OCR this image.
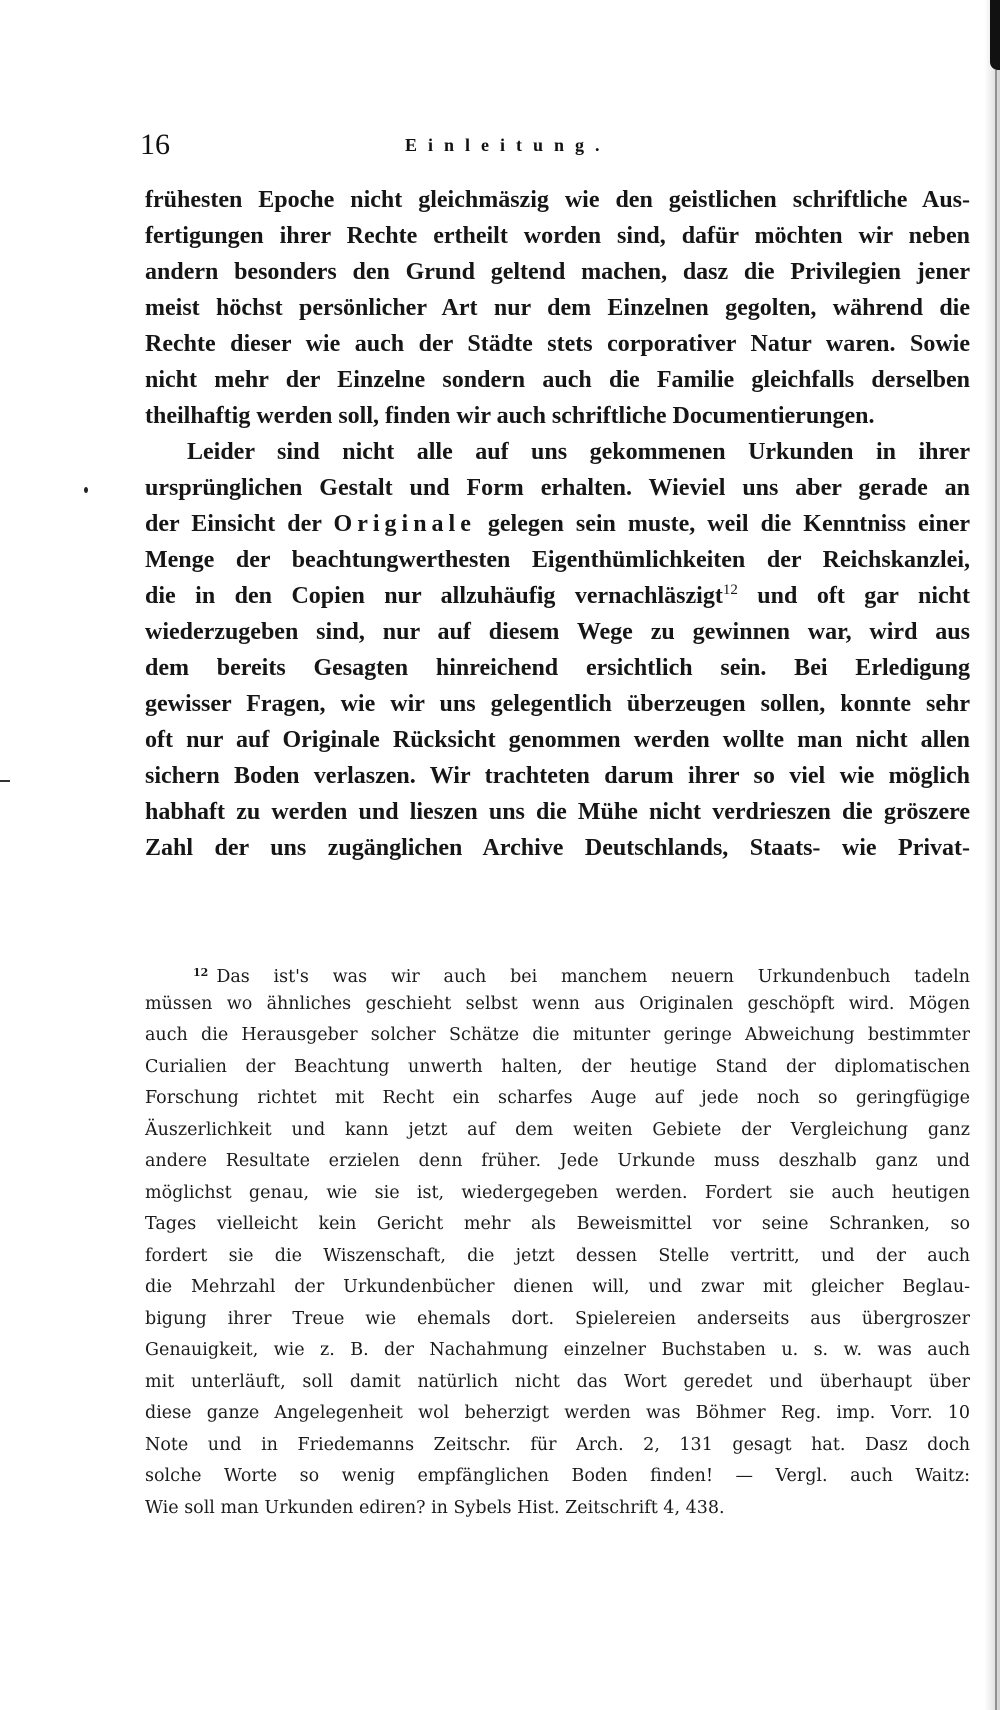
16	Einleitung.
frühesten Epoche nicht gleichmäszig wie den geistlichen schriftliche Aus-
fertigungen ihrer Rechte ertheilt worden sind, dafür möchten wir neben
andern besonders den Grund geltend machen, dasz die Privilegien jener
meist höchst persönlicher Art nur dem Einzelnen gegolten, während die
Rechte dieser wie auch der Städte stets corporativer Natur waren. Sowie
nicht mehr der Einzelne sondern auch die Familie gleichfalls derselben
theilhaftig werden soll, finden wir auch schriftliche Documentierungen.
Leider sind nicht alle auf uns gekommenen Urkunden in ihrer
ursprünglichen Gestalt und Form erhalten. Wieviel uns aber gerade an
der Einsicht der Originale gelegen sein muste, weil die Kenntniss einer
Menge der beachtungwerthesten Eigenthümlichkeiten der Reichskanzlei,
die in den Copien nur allzuhäufig vernachläszigt$^{12}$ und oft gar nicht
wiederzugeben sind, nur auf diesem Wege zu gewinnen war, wird aus
dem bereits Gesagten hinreichend ersichtlich sein. Bei Erledigung
gewisser Fragen, wie wir uns gelegentlich überzeugen sollen, konnte sehr
oft nur auf Originale Rücksicht genommen werden wollte man nicht allen
sichern Boden verlaszen. Wir trachteten darum ihrer so viel wie möglich
habhaft zu werden und lieszen uns die Mühe nicht verdrieszen die gröszere
Zahl der uns zugänglichen Archive Deutschlands, Staats- wie Privat-
$^{12}$ Das ist's was wir auch bei manchem neuern Urkundenbuch tadeln
müssen wo ähnliches geschieht selbst wenn aus Originalen geschöpft wird. Mögen
auch die Herausgeber solcher Schätze die mitunter geringe Abweichung bestimmter
Curialien der Beachtung unwerth halten, der heutige Stand der diplomatischen
Forschung richtet mit Recht ein scharfes Auge auf jede noch so geringfügige
Äuszerlichkeit und kann jetzt auf dem weiten Gebiete der Vergleichung ganz
andere Resultate erzielen denn früher. Jede Urkunde muss deszhalb ganz und
möglichst genau, wie sie ist, wiedergegeben werden. Fordert sie auch heutigen
Tages vielleicht kein Gericht mehr als Beweismittel vor seine Schranken, so
fordert sie die Wiszenschaft, die jetzt dessen Stelle vertritt, und der auch
die Mehrzahl der Urkundenbücher dienen will, und zwar mit gleicher Beglau-
bigung ihrer Treue wie ehemals dort. Spielereien anderseits aus übergroszer
Genauigkeit, wie z. B. der Nachahmung einzelner Buchstaben u. s. w. was auch
mit unterläuft, soll damit natürlich nicht das Wort geredet und überhaupt über
diese ganze Angelegenheit wol beherzigt werden was Böhmer Reg. imp. Vorr. 10
Note und in Friedemanns Zeitschr. für Arch. 2, 131 gesagt hat. Dasz doch
solche Worte so wenig empfänglichen Boden finden! — Vergl. auch Waitz:
Wie soll man Urkunden ediren? in Sybels Hist. Zeitschrift 4, 438.
